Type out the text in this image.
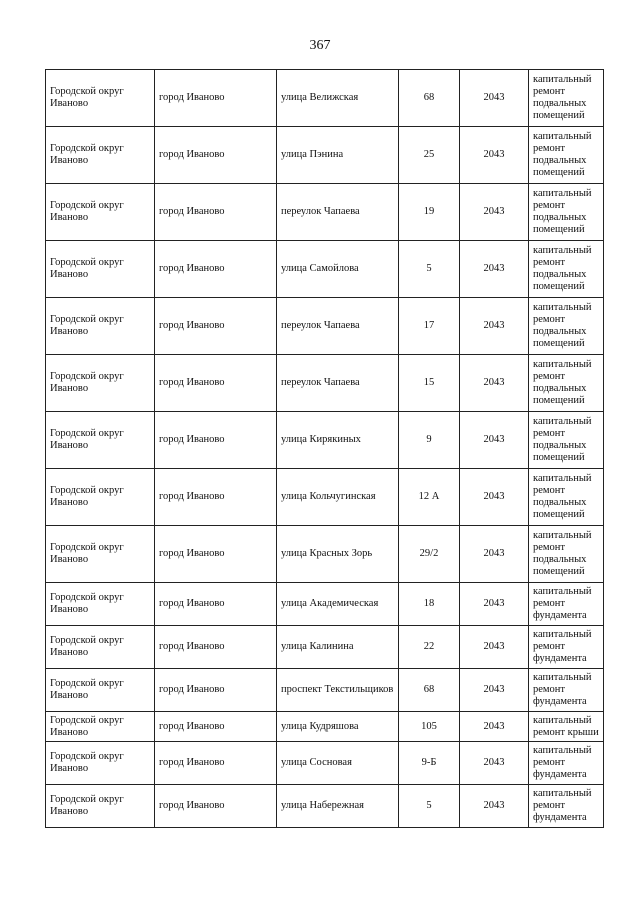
367
Городской округ Иваново	город Иваново	улица Велижская	68	2043	капитальный ремонт подвальных помещений
Городской округ Иваново	город Иваново	улица Пэнина	25	2043	капитальный ремонт подвальных помещений
Городской округ Иваново	город Иваново	переулок Чапаева	19	2043	капитальный ремонт подвальных помещений
Городской округ Иваново	город Иваново	улица Самойлова	5	2043	капитальный ремонт подвальных помещений
Городской округ Иваново	город Иваново	переулок Чапаева	17	2043	капитальный ремонт подвальных помещений
Городской округ Иваново	город Иваново	переулок Чапаева	15	2043	капитальный ремонт подвальных помещений
Городской округ Иваново	город Иваново	улица Кирякиных	9	2043	капитальный ремонт подвальных помещений
Городской округ Иваново	город Иваново	улица Кольчугинская	12 А	2043	капитальный ремонт подвальных помещений
Городской округ Иваново	город Иваново	улица Красных Зорь	29/2	2043	капитальный ремонт подвальных помещений
Городской округ Иваново	город Иваново	улица Академическая	18	2043	капитальный ремонт фундамента
Городской округ Иваново	город Иваново	улица Калинина	22	2043	капитальный ремонт фундамента
Городской округ Иваново	город Иваново	проспект Текстильщиков	68	2043	капитальный ремонт фундамента
Городской округ Иваново	город Иваново	улица Кудряшова	105	2043	капитальный ремонт крыши
Городской округ Иваново	город Иваново	улица Сосновая	9-Б	2043	капитальный ремонт фундамента
Городской округ Иваново	город Иваново	улица Набережная	5	2043	капитальный ремонт фундамента
